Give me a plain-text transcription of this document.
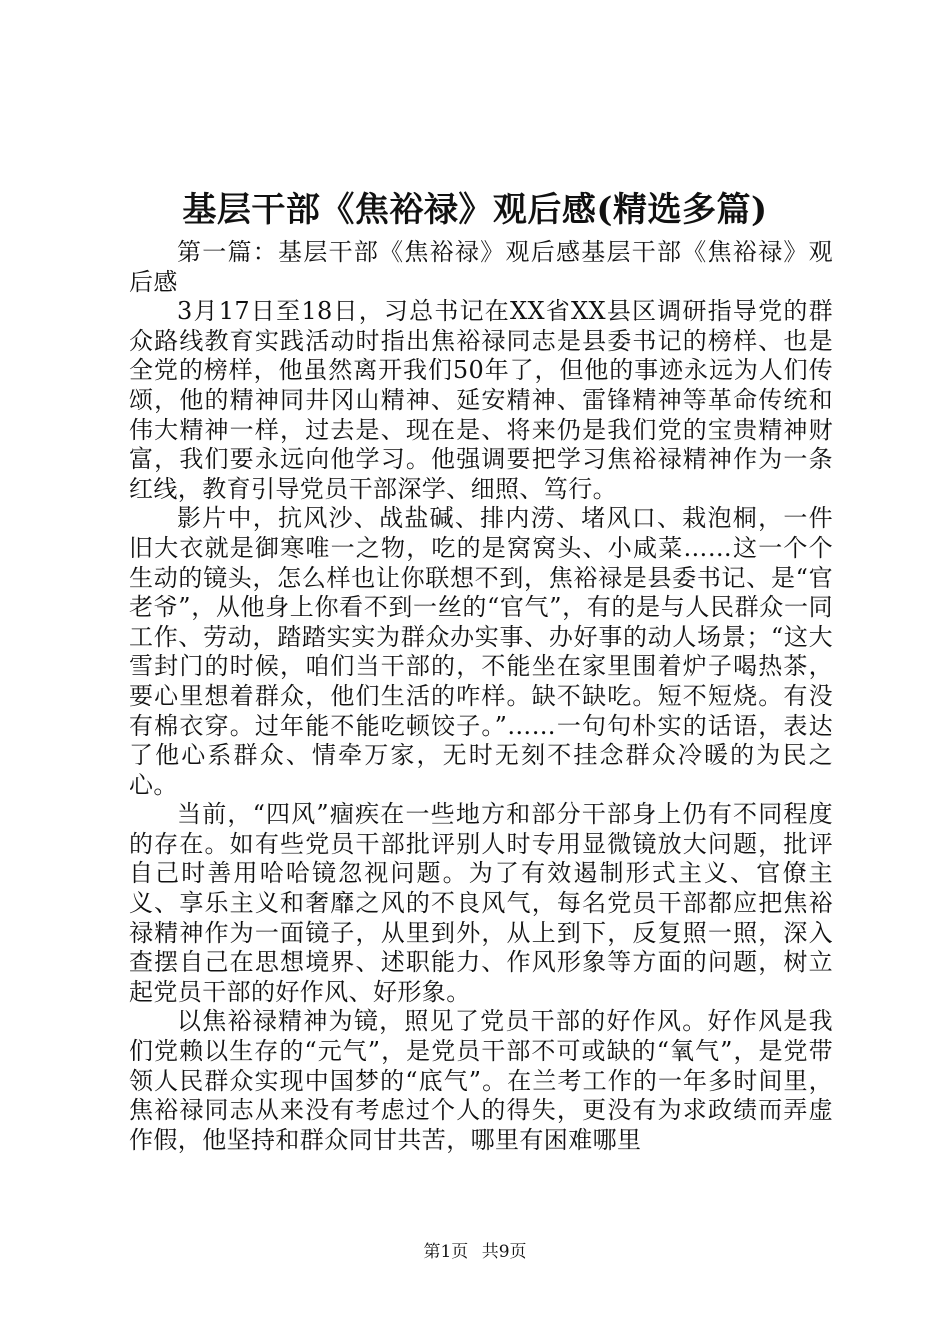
基层干部《焦裕禄》观后感(精选多篇)

第一篇：基层干部《焦裕禄》观后感基层干部《焦裕禄》观后感

3月17日至18日，习总书记在XX省XX县区调研指导党的群众路线教育实践活动时指出焦裕禄同志是县委书记的榜样、也是全党的榜样，他虽然离开我们50年了，但他的事迹永远为人们传颂，他的精神同井冈山精神、延安精神、雷锋精神等革命传统和伟大精神一样，过去是、现在是、将来仍是我们党的宝贵精神财富，我们要永远向他学习。他强调要把学习焦裕禄精神作为一条红线，教育引导党员干部深学、细照、笃行。

影片中，抗风沙、战盐碱、排内涝、堵风口、栽泡桐，一件旧大衣就是御寒唯一之物，吃的是窝窝头、小咸菜……这一个个生动的镜头，怎么样也让你联想不到，焦裕禄是县委书记、是“官老爷”，从他身上你看不到一丝的“官气”，有的是与人民群众一同工作、劳动，踏踏实实为群众办实事、办好事的动人场景；“这大雪封门的时候，咱们当干部的，不能坐在家里围着炉子喝热茶，要心里想着群众，他们生活的咋样。缺不缺吃。短不短烧。有没有棉衣穿。过年能不能吃顿饺子。”……一句句朴实的话语，表达了他心系群众、情牵万家，无时无刻不挂念群众冷暖的为民之心。

当前，“四风”痼疾在一些地方和部分干部身上仍有不同程度的存在。如有些党员干部批评别人时专用显微镜放大问题，批评自己时善用哈哈镜忽视问题。为了有效遏制形式主义、官僚主义、享乐主义和奢靡之风的不良风气，每名党员干部都应把焦裕禄精神作为一面镜子，从里到外，从上到下，反复照一照，深入查摆自己在思想境界、述职能力、作风形象等方面的问题，树立起党员干部的好作风、好形象。

以焦裕禄精神为镜，照见了党员干部的好作风。好作风是我们党赖以生存的“元气”，是党员干部不可或缺的“氧气”，是党带领人民群众实现中国梦的“底气”。在兰考工作的一年多时间里，焦裕禄同志从来没有考虑过个人的得失，更没有为求政绩而弄虚作假，他坚持和群众同甘共苦，哪里有困难哪里

第1页 共9页
